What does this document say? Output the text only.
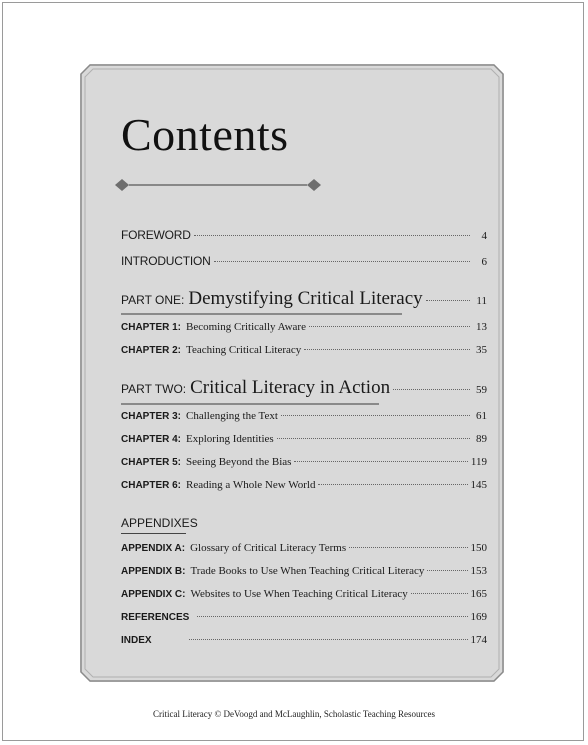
Contents
FOREWORD	4
INTRODUCTION	6
PART ONE: Demystifying Critical Literacy	11
CHAPTER 1: Becoming Critically Aware	13
CHAPTER 2: Teaching Critical Literacy	35
PART TWO: Critical Literacy in Action	59
CHAPTER 3: Challenging the Text	61
CHAPTER 4: Exploring Identities	89
CHAPTER 5: Seeing Beyond the Bias	119
CHAPTER 6: Reading a Whole New World	145
APPENDIXES
APPENDIX A: Glossary of Critical Literacy Terms	150
APPENDIX B: Trade Books to Use When Teaching Critical Literacy	153
APPENDIX C: Websites to Use When Teaching Critical Literacy	165
REFERENCES	169
INDEX	174
Critical Literacy © DeVoogd and McLaughlin, Scholastic Teaching Resources
